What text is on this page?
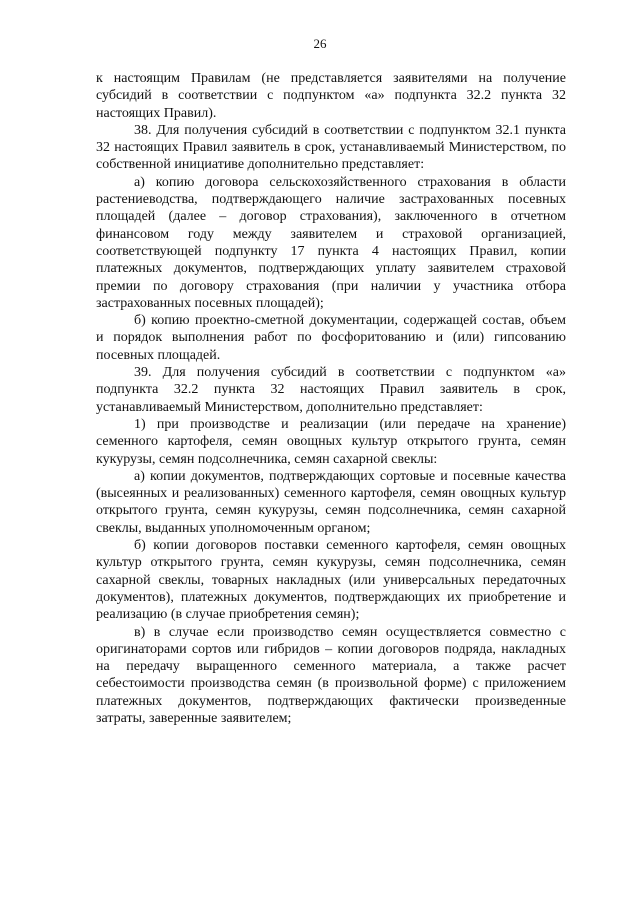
26

к настоящим Правилам (не представляется заявителями на получение субсидий в соответствии с подпунктом «а» подпункта 32.2 пункта 32 настоящих Правил).

38. Для получения субсидий в соответствии с подпунктом 32.1 пункта 32 настоящих Правил заявитель в срок, устанавливаемый Министерством, по собственной инициативе дополнительно представляет:

а) копию договора сельскохозяйственного страхования в области растениеводства, подтверждающего наличие застрахованных посевных площадей (далее – договор страхования), заключенного в отчетном финансовом году между заявителем и страховой организацией, соответствующей подпункту 17 пункта 4 настоящих Правил, копии платежных документов, подтверждающих уплату заявителем страховой премии по договору страхования (при наличии у участника отбора застрахованных посевных площадей);

б) копию проектно-сметной документации, содержащей состав, объем и порядок выполнения работ по фосфоритованию и (или) гипсованию посевных площадей.

39. Для получения субсидий в соответствии с подпунктом «а» подпункта 32.2 пункта 32 настоящих Правил заявитель в срок, устанавливаемый Министерством, дополнительно представляет:

1) при производстве и реализации (или передаче на хранение) семенного картофеля, семян овощных культур открытого грунта, семян кукурузы, семян подсолнечника, семян сахарной свеклы:

а) копии документов, подтверждающих сортовые и посевные качества (высеянных и реализованных) семенного картофеля, семян овощных культур открытого грунта, семян кукурузы, семян подсолнечника, семян сахарной свеклы, выданных уполномоченным органом;

б) копии договоров поставки семенного картофеля, семян овощных культур открытого грунта, семян кукурузы, семян подсолнечника, семян сахарной свеклы, товарных накладных (или универсальных передаточных документов), платежных документов, подтверждающих их приобретение и реализацию (в случае приобретения семян);

в) в случае если производство семян осуществляется совместно с оригинаторами сортов или гибридов – копии договоров подряда, накладных на передачу выращенного семенного материала, а также расчет себестоимости производства семян (в произвольной форме) с приложением платежных документов, подтверждающих фактически произведенные затраты, заверенные заявителем;
